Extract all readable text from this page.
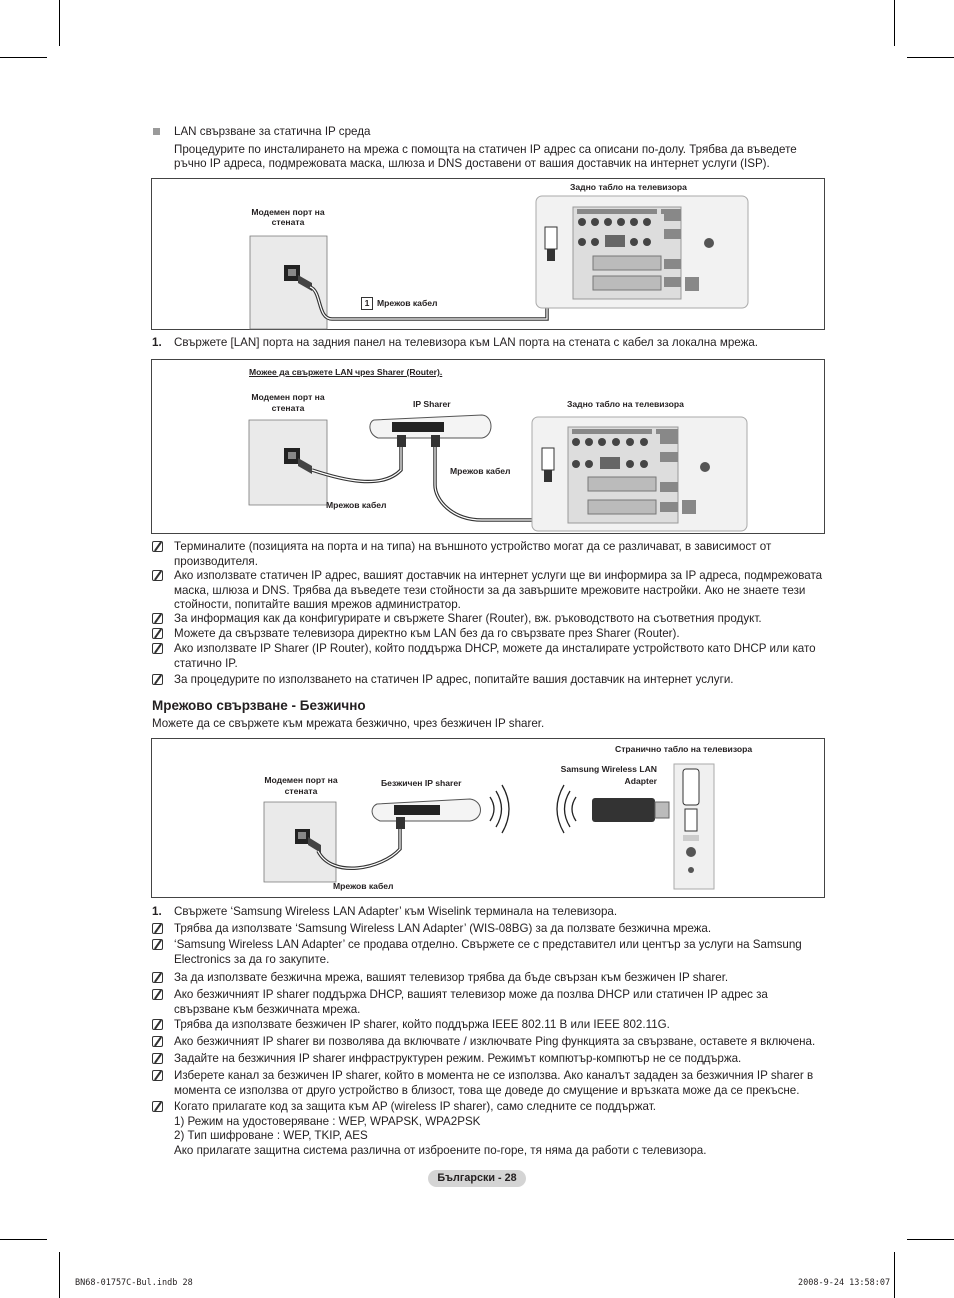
LAN свързване за статична IP среда
Процедурите по инсталирането на мрежа с помощта на статичен IP адрес са описани по-долу. Трябва да въведете
ръчно IP адреса, подмрежовата маска, шлюза и DNS доставени от вашия доставчик на интернет услуги (ISP).
Задно табло на телевизора
Модемен порт на
стената
1 Мрежов кабел
1. Свържете [LAN] порта на задния панел на телевизора към LAN порта на стената с кабел за локална мрежа.
Можее да свържете LAN чрез Sharer (Router).
Модемен порт на
стената	IP Sharer	Задно табло на телевизора
Мрежов кабел
Мрежов кабел
Терминалите (позицията на порта и на типа) на външното устройство могат да се различават, в зависимост от
производителя.
Ако използвате статичен IP адрес, вашият доставчик на интернет услуги ще ви информира за IP адреса, подмрежовата
маска, шлюза и DNS. Трябва да въведете тези стойности за да завършите мрежовите настройки. Ако не знаете тези
стойности, попитайте вашия мрежов администратор.
За информация как да конфигурирате и свържете Sharer (Router), вж. ръководството на съответния продукт.
Можете да свързвате телевизора директно към LAN без да го свързвате през Sharer (Router).
Ако използвате IP Sharer (IP Router), който поддържа DHCP, можете да инсталирате устройството като DHCP или като
статично IP.
За процедурите по използването на статичен IP адрес, попитайте вашия доставчик на интернет услуги.
Мрежово свързване - Безжично
Можете да се свържете към мрежата безжично, чрез безжичен IP sharer.
Странично табло на телевизора
Samsung Wireless LAN
Adapter
Модемен порт на
стената
Безжичен IP sharer
Мрежов кабел
1. Свържете ‘Samsung Wireless LAN Adapter’ към Wiselink терминала на телевизора.
Трябва да използвате ‘Samsung Wireless LAN Adapter’ (WIS-08BG) за да ползвате безжична мрежа.
‘Samsung Wireless LAN Adapter’ се продава отделно. Свържете се с представител или център за услуги на Samsung
Electronics за да го закупите.
За да използвате безжична мрежа, вашият телевизор трябва да бъде свързан към безжичен IP sharer.
Ако безжичният IP sharer поддържа DHCP, вашият телевизор може да позлва DHCP или статичен IP адрес за
свързване към безжичната мрежа.
Трябва да използвате безжичен IP sharer, който поддържа IEEE 802.11 B или IEEE 802.11G.
Ако безжичният IP sharer ви позволява да включвате / изключвате Ping функцията за свързване, оставете я включена.
Задайте на безжичния IP sharer инфраструктурен режим. Режимът компютър-компютър не се поддържа.
Изберете канал за безжичен IP sharer, който в момента не се използва. Ако каналът зададен за безжичния IP sharer в
момента се използва от друго устройство в близост, това ще доведе до смущение и връзката може да се прекъсне.
Когато прилагате код за защита към AP (wireless IP sharer), само следните се поддържат.
1) Режим на удостоверяване : WEP, WPAPSK, WPA2PSK
2) Тип шифроване : WEP, TKIP, AES
Ако прилагате защитна система различна от изброените по-горе, тя няма да работи с телевизора.
Български - 28
BN68-01757C-Bul.indb 28	2008-9-24 13:58:07
